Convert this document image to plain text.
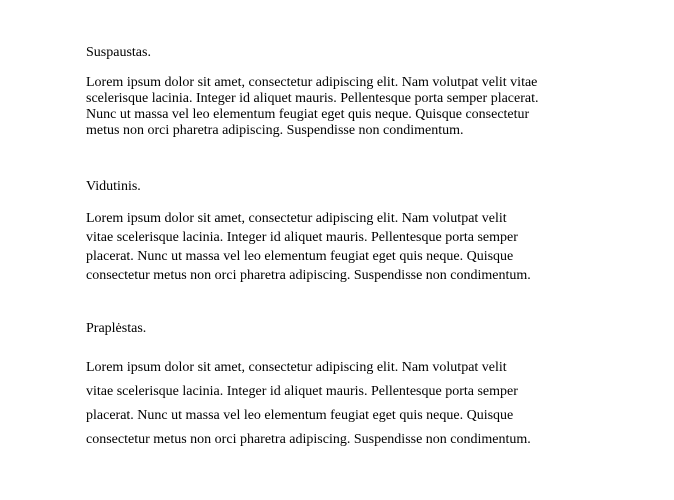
Suspaustas.

Lorem ipsum dolor sit amet, consectetur adipiscing elit. Nam volutpat velit vitae
scelerisque lacinia. Integer id aliquet mauris. Pellentesque porta semper placerat.
Nunc ut massa vel leo elementum feugiat eget quis neque. Quisque consectetur
metus non orci pharetra adipiscing. Suspendisse non condimentum.

Vidutinis.

Lorem ipsum dolor sit amet, consectetur adipiscing elit. Nam volutpat velit
vitae scelerisque lacinia. Integer id aliquet mauris. Pellentesque porta semper
placerat. Nunc ut massa vel leo elementum feugiat eget quis neque. Quisque
consectetur metus non orci pharetra adipiscing. Suspendisse non condimentum.

Praplėstas.

Lorem ipsum dolor sit amet, consectetur adipiscing elit. Nam volutpat velit
vitae scelerisque lacinia. Integer id aliquet mauris. Pellentesque porta semper
placerat. Nunc ut massa vel leo elementum feugiat eget quis neque. Quisque
consectetur metus non orci pharetra adipiscing. Suspendisse non condimentum.
